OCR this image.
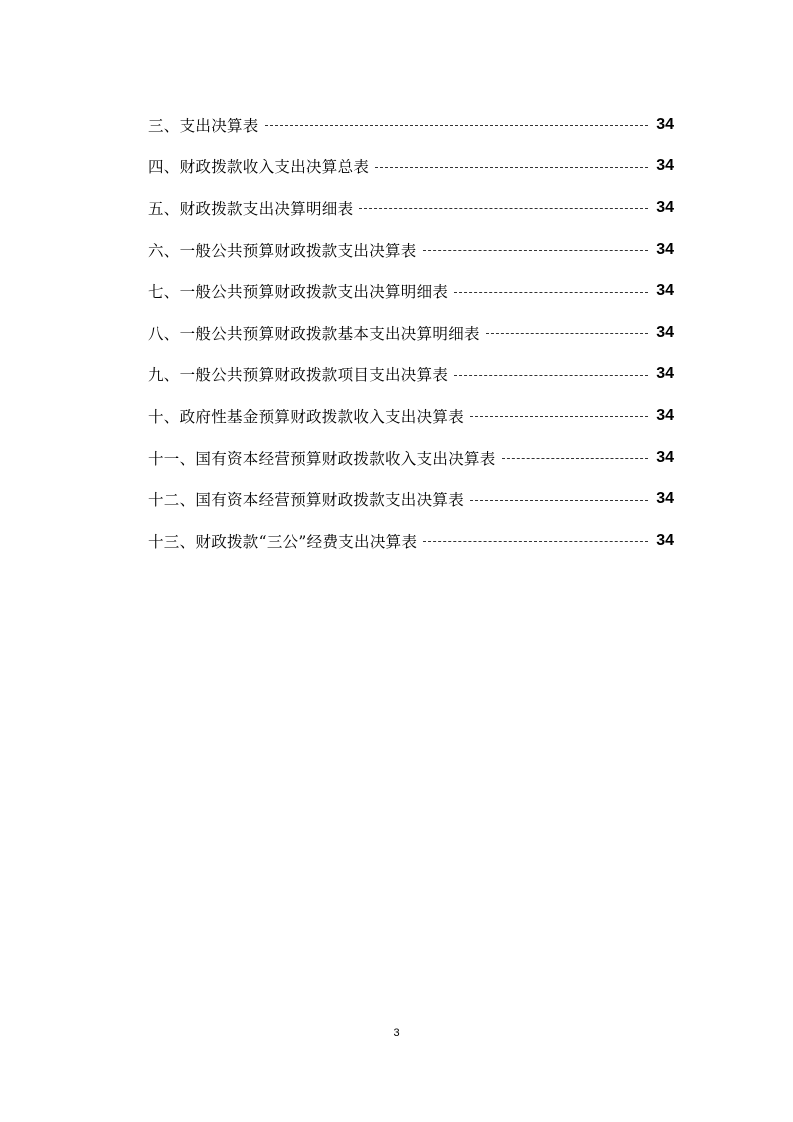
三、支出决算表	34
四、财政拨款收入支出决算总表	34
五、财政拨款支出决算明细表	34
六、一般公共预算财政拨款支出决算表	34
七、一般公共预算财政拨款支出决算明细表	34
八、一般公共预算财政拨款基本支出决算明细表	34
九、一般公共预算财政拨款项目支出决算表	34
十、政府性基金预算财政拨款收入支出决算表	34
十一、国有资本经营预算财政拨款收入支出决算表	34
十二、国有资本经营预算财政拨款支出决算表	34
十三、财政拨款“三公”经费支出决算表	34
3
